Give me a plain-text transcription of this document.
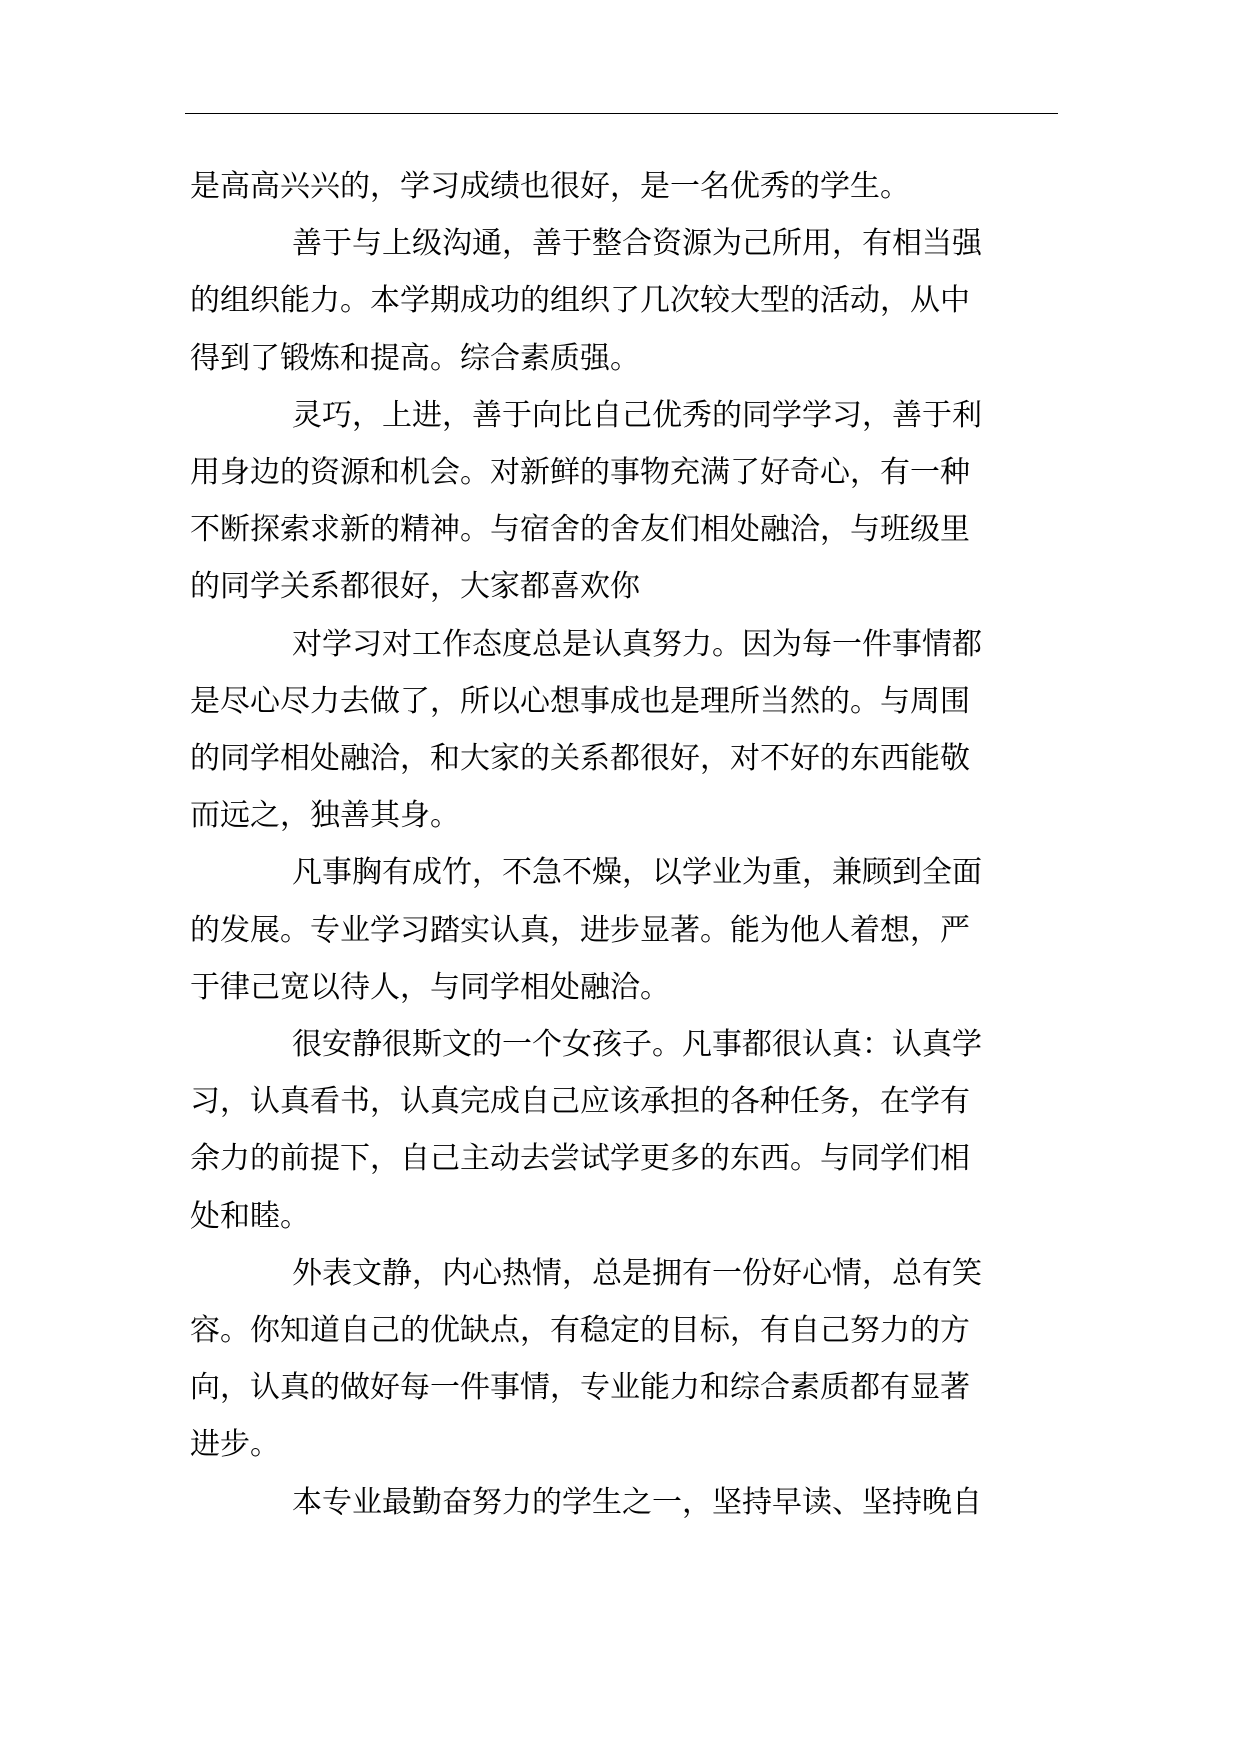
是高高兴兴的，学习成绩也很好，是一名优秀的学生。
善于与上级沟通，善于整合资源为己所用，有相当强
的组织能力。本学期成功的组织了几次较大型的活动，从中
得到了锻炼和提高。综合素质强。
灵巧，上进，善于向比自己优秀的同学学习，善于利
用身边的资源和机会。对新鲜的事物充满了好奇心，有一种
不断探索求新的精神。与宿舍的舍友们相处融洽，与班级里
的同学关系都很好，大家都喜欢你
对学习对工作态度总是认真努力。因为每一件事情都
是尽心尽力去做了，所以心想事成也是理所当然的。与周围
的同学相处融洽，和大家的关系都很好，对不好的东西能敬
而远之，独善其身。
凡事胸有成竹，不急不燥，以学业为重，兼顾到全面
的发展。专业学习踏实认真，进步显著。能为他人着想，严
于律己宽以待人，与同学相处融洽。
很安静很斯文的一个女孩子。凡事都很认真：认真学
习，认真看书，认真完成自己应该承担的各种任务，在学有
余力的前提下，自己主动去尝试学更多的东西。与同学们相
处和睦。
外表文静，内心热情，总是拥有一份好心情，总有笑
容。你知道自己的优缺点，有稳定的目标，有自己努力的方
向，认真的做好每一件事情，专业能力和综合素质都有显著
进步。
本专业最勤奋努力的学生之一，坚持早读、坚持晚自
